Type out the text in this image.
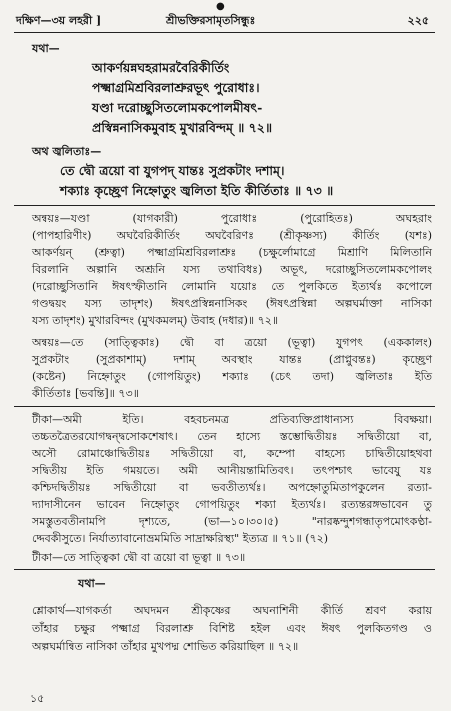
●
দক্ষিণ—৩য় লহরী ]	শ্রীভক্তিরসামৃতসিন্ধুঃ	২২৫
যথা—
আকর্ণয়ন্নঘহরামরবৈরিকীর্তিং
পক্ষ্মাগ্রমিশ্রবিরলাশ্রুরভূৎ পুরোধাঃ।
যণ্ডা দরোচ্ছুসিতলোমকপোলমীষৎ-
প্রস্বিন্ননাসিকমুবাহ মুখারবিন্দম্ ॥ ৭২॥
অথ জ্বলিতাঃ—
তে দ্বৌ ত্রয়ো বা যুগপদ্ যান্তঃ সুপ্রকটাং দশাম্।
শক্যাঃ কৃচ্ছ্রেণ নিহ্নোতুং জ্বলিতা ইতি কীর্তিতাঃ ॥ ৭৩ ॥
অন্বয়ঃ—যণ্ডা (যাগকারী) পুরোধাঃ (পুরোহিতঃ) অঘহরাং
(পাপহারিণীং) অঘবৈরিকীর্তিং অঘবৈরিণঃ (শ্রীকৃষ্ণস্য) কীর্তিং (যশঃ)
আকর্ণয়ন্ (শ্রুত্বা) পক্ষ্মাগ্রমিশ্রবিরলাশ্রুঃ (চক্ষুর্লোমাগ্রে মিশ্রাণি মিলিতানি
বিরলানি অল্পানি অশ্রূনি যস্য তথাবিধঃ) অভূৎ, দরোচ্ছুসিতলোমকপোলং
(দরোচ্ছুসিতানি ঈষৎস্ফীতানি লোমানি যয়োঃ তে পুলকিতে ইত্যর্থঃ কপোলে
গণ্ডদ্বয়ং যস্য তাদৃশং) ঈষৎপ্রস্বিন্ননাসিকং (ঈষৎপ্রস্বিন্না অল্পঘর্মাক্তা নাসিকা
যস্য তাদৃশং) মুখারবিন্দং (মুখকমলম্) উবাহ (দধার)॥ ৭২॥
অন্বয়ঃ—তে (সাত্ত্বিকাঃ) দ্বৌ বা ত্রয়ো (ভূত্বা) যুগপৎ (এককালং)
সুপ্রকটাং (সুপ্রকাশাম্) দশাম্ অবস্থাং যান্তঃ (প্রাপ্নুবন্তঃ) কৃচ্ছ্রেণ
(কষ্টেন) নিহ্নোতুং (গোপয়িতুং) শক্যাঃ (চেৎ তদা) জ্বলিতাঃ ইতি
কীর্তিতাঃ [ভবন্তি]॥ ৭৩॥
টীকা—অমী ইতি। বহবচনমত্র প্রতিব্যক্তিপ্রাধান্যস্য বিবক্ষয়া।
তচ্চতত্রৈতরযোগদ্বন্দ্বসোকশেষাৎ। তেন হাস্যে স্তম্ভোদ্বিতীয়ঃ সদ্বিতীয়ো বা,
অসৌ রোমাঞ্চোদ্বিতীয়ঃ সদ্বিতীয়ো বা, কম্পো বাহস্যে চাদ্বিতীয়োহথবা
সদ্বিতীয় ইতি গময়তে। অমী আনীয়ন্তামিতিবৎ। তৎপশ্চাৎ ভাবেযু যঃ
কশ্চিদদ্বিতীয়ঃ সদ্বিতীয়ো বা ভবতীত্যর্থঃ। অপহ্নোতুমিতাপকুলেন রত্যা-
দ্যাদাসীনেন ভাবেন নিহ্নোতুং গোপয়িতুং শক্যা ইত্যর্থঃ। রত্যন্তরঙ্গভাবেন তু
সমস্তুতবতীনামপি দৃশ্যতে, (ভা—১০।৩০।৫) "নারষ্কন্দুশগন্ধাতৃপমোৎকণ্ঠা-
দ্দেবকীসুতে। নির্যাত্যাবানোভ্রমমিতি সাদ্রাক্ষরিস্থ্য" ইত্যত্র ॥ ৭১॥ (৭২)
টীকা—তে সাত্ত্বিকা দ্বৌ বা ত্রয়ো বা ভূত্বা ॥ ৭৩॥
যথা—
শ্লোকার্থ—যাগকর্তা অঘদমন শ্রীকৃষ্ণের অঘনাশিনী কীর্তি শ্রবণ করায়
তাঁহার চক্ষুর পক্ষ্মাগ্র বিরলাশ্রু বিশিষ্ট হইল এবং ঈষৎ পুলকিতগণ্ড ও
অল্পঘর্মান্বিত নাসিকা তাঁহার মুখপদ্ম শোভিত করিয়াছিল ॥ ৭২॥
১৫
